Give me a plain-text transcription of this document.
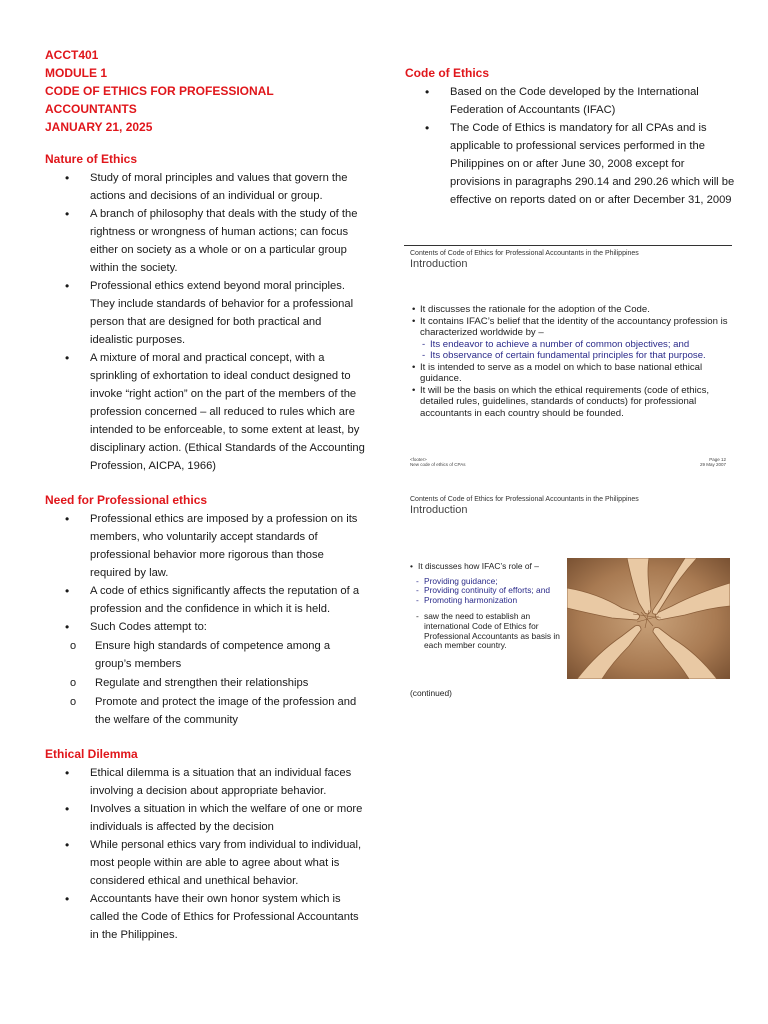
ACCT401
MODULE 1
CODE OF ETHICS FOR PROFESSIONAL ACCOUNTANTS
JANUARY 21, 2025
Nature of Ethics
• Study of moral principles and values that govern the actions and decisions of an individual or group.
• A branch of philosophy that deals with the study of the rightness or wrongness of human actions; can focus either on society as a whole or on a particular group within the society.
• Professional ethics extend beyond moral principles. They include standards of behavior for a professional person that are designed for both practical and idealistic purposes.
• A mixture of moral and practical concept, with a sprinkling of exhortation to ideal conduct designed to invoke “right action” on the part of the members of the profession concerned – all reduced to rules which are intended to be enforceable, to some extent at least, by disciplinary action. (Ethical Standards of the Accounting Profession, AICPA, 1966)
Need for Professional ethics
• Professional ethics are imposed by a profession on its members, who voluntarily accept standards of professional behavior more rigorous than those required by law.
• A code of ethics significantly affects the reputation of a profession and the confidence in which it is held.
• Such Codes attempt to:
o Ensure high standards of competence among a group’s members
o Regulate and strengthen their relationships
o Promote and protect the image of the profession and the welfare of the community
Ethical Dilemma
• Ethical dilemma is a situation that an individual faces involving a decision about appropriate behavior.
• Involves a situation in which the welfare of one or more individuals is affected by the decision
• While personal ethics vary from individual to individual, most people within are able to agree about what is considered ethical and unethical behavior.
• Accountants have their own honor system which is called the Code of Ethics for Professional Accountants in the Philippines.
Code of Ethics
• Based on the Code developed by the International Federation of Accountants (IFAC)
• The Code of Ethics is mandatory for all CPAs and is applicable to professional services performed in the Philippines on or after June 30, 2008 except for provisions in paragraphs 290.14 and 290.26 which will be effective on reports dated on or after December 31, 2009
Contents of Code of Ethics for Professional Accountants in the Philippines
Introduction
• It discusses the rationale for the adoption of the Code.
• It contains IFAC’s belief that the identity of the accountancy profession is characterized worldwide by –
- Its endeavor to achieve a number of common objectives; and
- Its observance of certain fundamental principles for that purpose.
• It is intended to serve as a model on which to base national ethical guidance.
• It will be the basis on which the ethical requirements (code of ethics, detailed rules, guidelines, standards of conducts) for professional accountants in each country should be founded.
<footer>
New code of ethics of CPAs
Page 12
29 May 2007
Contents of Code of Ethics for Professional Accountants in the Philippines
Introduction
• It discusses how IFAC’s role of –
- Providing guidance;
- Providing continuity of efforts; and
- Promoting harmonization
- saw the need to establish an international Code of Ethics for Professional Accountants as basis in each member country.
(continued)
